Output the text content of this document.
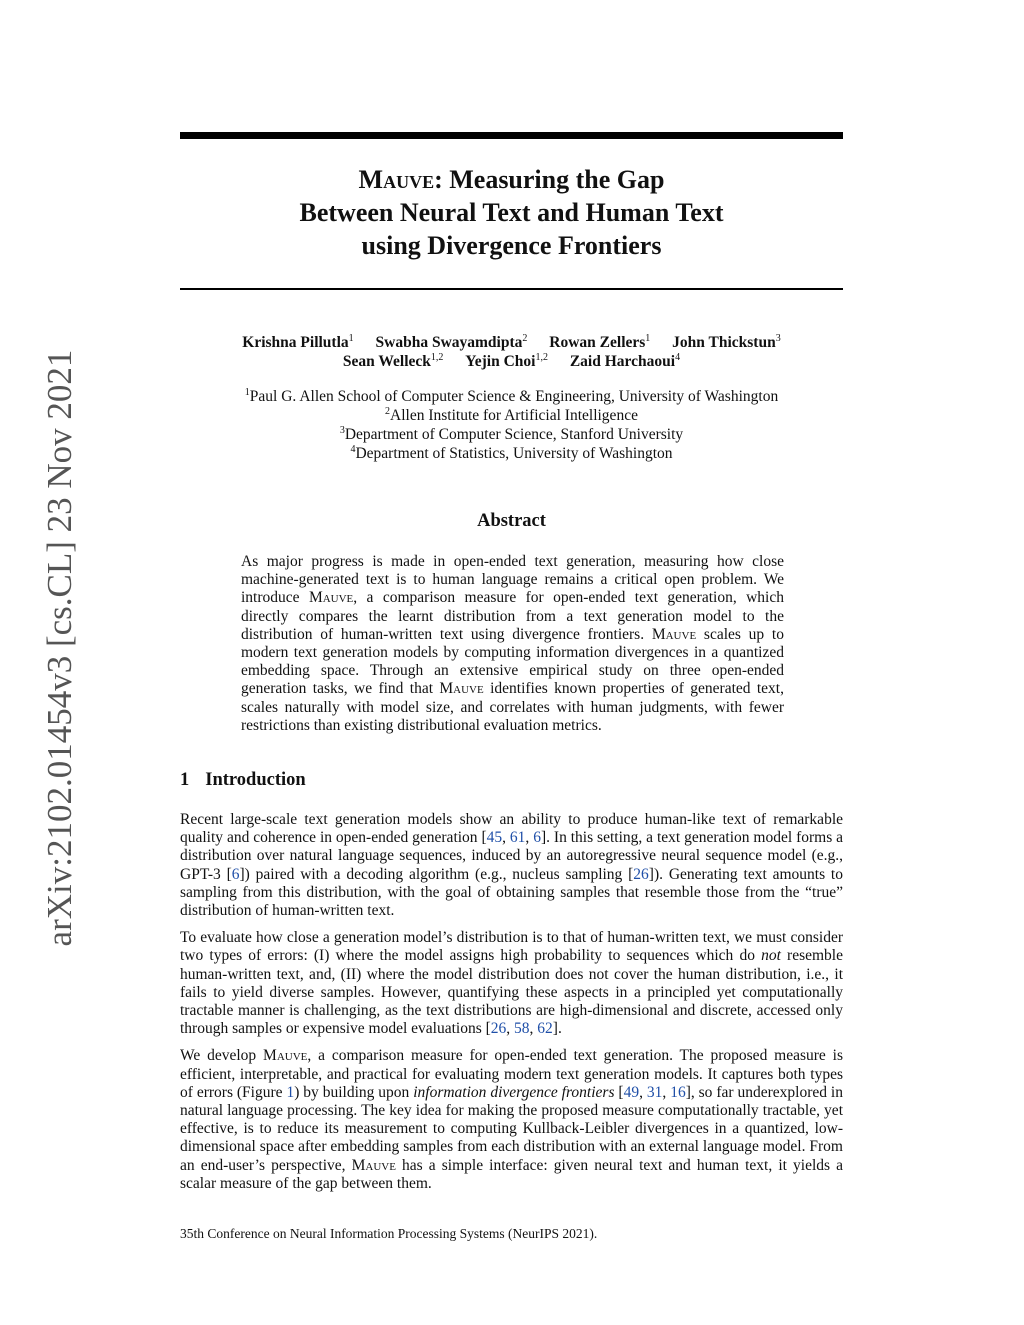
arXiv:2102.01454v3 [cs.CL] 23 Nov 2021
Mauve: Measuring the Gap
Between Neural Text and Human Text
using Divergence Frontiers
Krishna Pillutla$^1$ Swabha Swayamdipta$^2$ Rowan Zellers$^1$ John Thickstun$^3$
Sean Welleck$^{1,2}$ Yejin Choi$^{1,2}$ Zaid Harchaoui$^4$
$^1$Paul G. Allen School of Computer Science & Engineering, University of Washington
$^2$Allen Institute for Artificial Intelligence
$^3$Department of Computer Science, Stanford University
$^4$Department of Statistics, University of Washington
Abstract
As major progress is made in open-ended text generation, measuring how close machine-generated text is to human language remains a critical open problem. We introduce Mauve, a comparison measure for open-ended text generation, which directly compares the learnt distribution from a text generation model to the distribution of human-written text using divergence frontiers. Mauve scales up to modern text generation models by computing information divergences in a quantized embedding space. Through an extensive empirical study on three open-ended generation tasks, we find that Mauve identifies known properties of generated text, scales naturally with model size, and correlates with human judgments, with fewer restrictions than existing distributional evaluation metrics.
1 Introduction

Recent large-scale text generation models show an ability to produce human-like text of remarkable quality and coherence in open-ended generation [45, 61, 6]. In this setting, a text generation model forms a distribution over natural language sequences, induced by an autoregressive neural sequence model (e.g., GPT-3 [6]) paired with a decoding algorithm (e.g., nucleus sampling [26]). Generating text amounts to sampling from this distribution, with the goal of obtaining samples that resemble those from the “true” distribution of human-written text.

To evaluate how close a generation model’s distribution is to that of human-written text, we must consider two types of errors: (I) where the model assigns high probability to sequences which do not resemble human-written text, and, (II) where the model distribution does not cover the human distribution, i.e., it fails to yield diverse samples. However, quantifying these aspects in a principled yet computationally tractable manner is challenging, as the text distributions are high-dimensional and discrete, accessed only through samples or expensive model evaluations [26, 58, 62].

We develop Mauve, a comparison measure for open-ended text generation. The proposed measure is efficient, interpretable, and practical for evaluating modern text generation models. It captures both types of errors (Figure 1) by building upon information divergence frontiers [49, 31, 16], so far underexplored in natural language processing. The key idea for making the proposed measure computationally tractable, yet effective, is to reduce its measurement to computing Kullback-Leibler divergences in a quantized, low-dimensional space after embedding samples from each distribution with an external language model. From an end-user’s perspective, Mauve has a simple interface: given neural text and human text, it yields a scalar measure of the gap between them.

35th Conference on Neural Information Processing Systems (NeurIPS 2021).
